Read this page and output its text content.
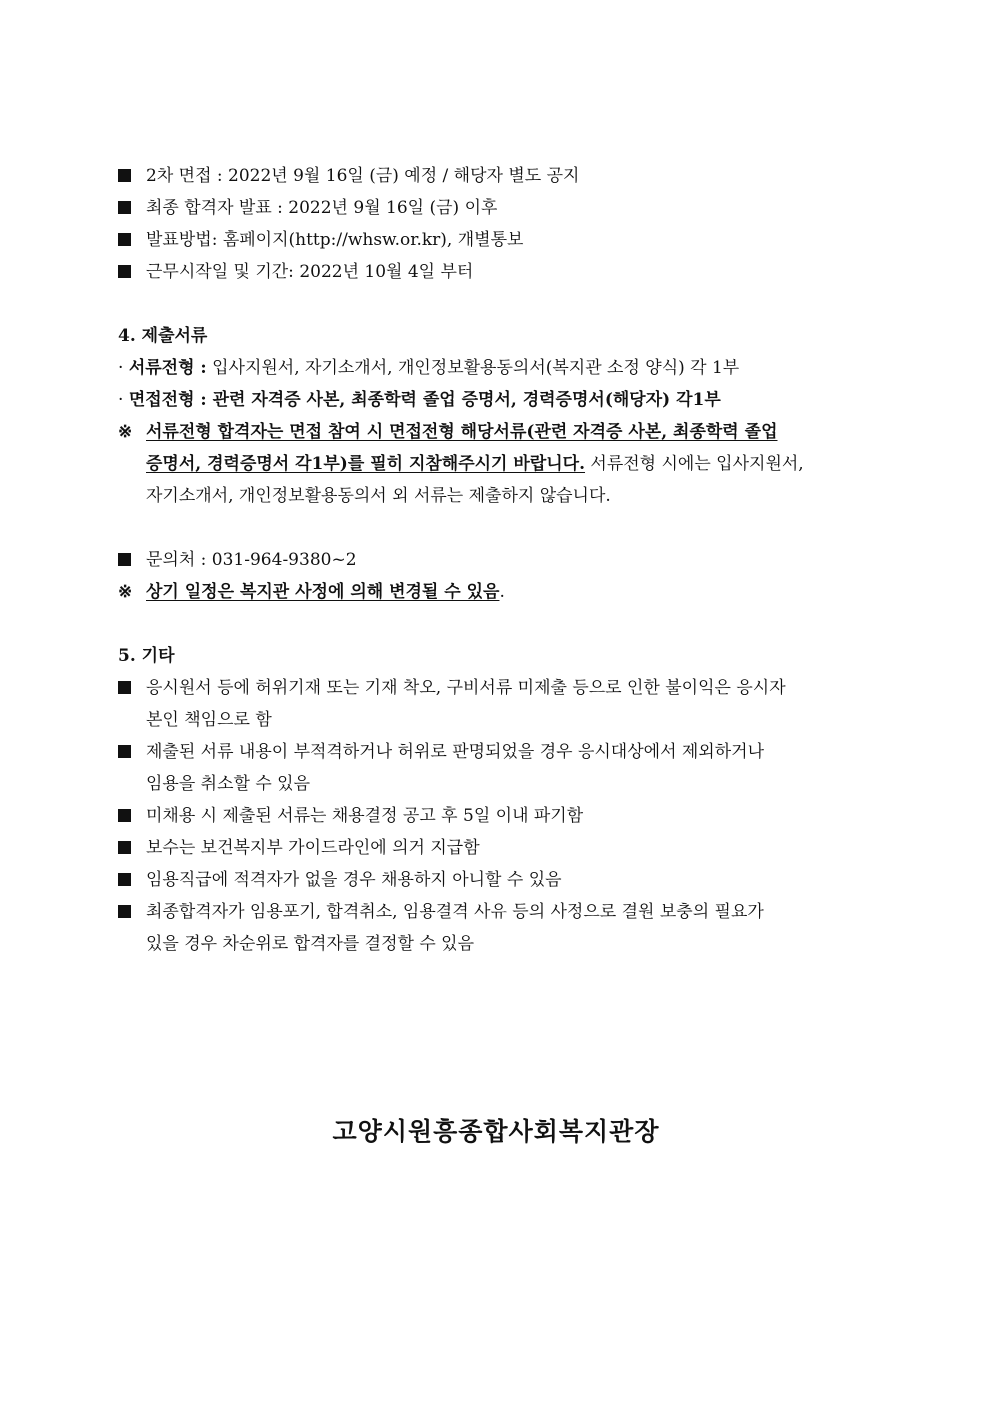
2차 면접 : 2022년 9월 16일 (금) 예정 / 해당자 별도 공지
최종 합격자 발표 : 2022년 9월 16일 (금) 이후
발표방법: 홈페이지(http://whsw.or.kr), 개별통보
근무시작일 및 기간: 2022년 10월 4일 부터
4. 제출서류
· 서류전형 : 입사지원서, 자기소개서, 개인정보활용동의서(복지관 소정 양식) 각 1부
· 면접전형 : 관련 자격증 사본, 최종학력 졸업 증명서, 경력증명서(해당자) 각1부
※ 서류전형 합격자는 면접 참여 시 면접전형 해당서류(관련 자격증 사본, 최종학력 졸업
증명서, 경력증명서 각1부)를 필히 지참해주시기 바랍니다. 서류전형 시에는 입사지원서,
자기소개서, 개인정보활용동의서 외 서류는 제출하지 않습니다.
문의처 : 031-964-9380~2
※ 상기 일정은 복지관 사정에 의해 변경될 수 있음.
5. 기타
응시원서 등에 허위기재 또는 기재 착오, 구비서류 미제출 등으로 인한 불이익은 응시자
본인 책임으로 함
제출된 서류 내용이 부적격하거나 허위로 판명되었을 경우 응시대상에서 제외하거나
임용을 취소할 수 있음
미채용 시 제출된 서류는 채용결정 공고 후 5일 이내 파기함
보수는 보건복지부 가이드라인에 의거 지급함
임용직급에 적격자가 없을 경우 채용하지 아니할 수 있음
최종합격자가 임용포기, 합격취소, 임용결격 사유 등의 사정으로 결원 보충의 필요가
있을 경우 차순위로 합격자를 결정할 수 있음
고양시원흥종합사회복지관장
